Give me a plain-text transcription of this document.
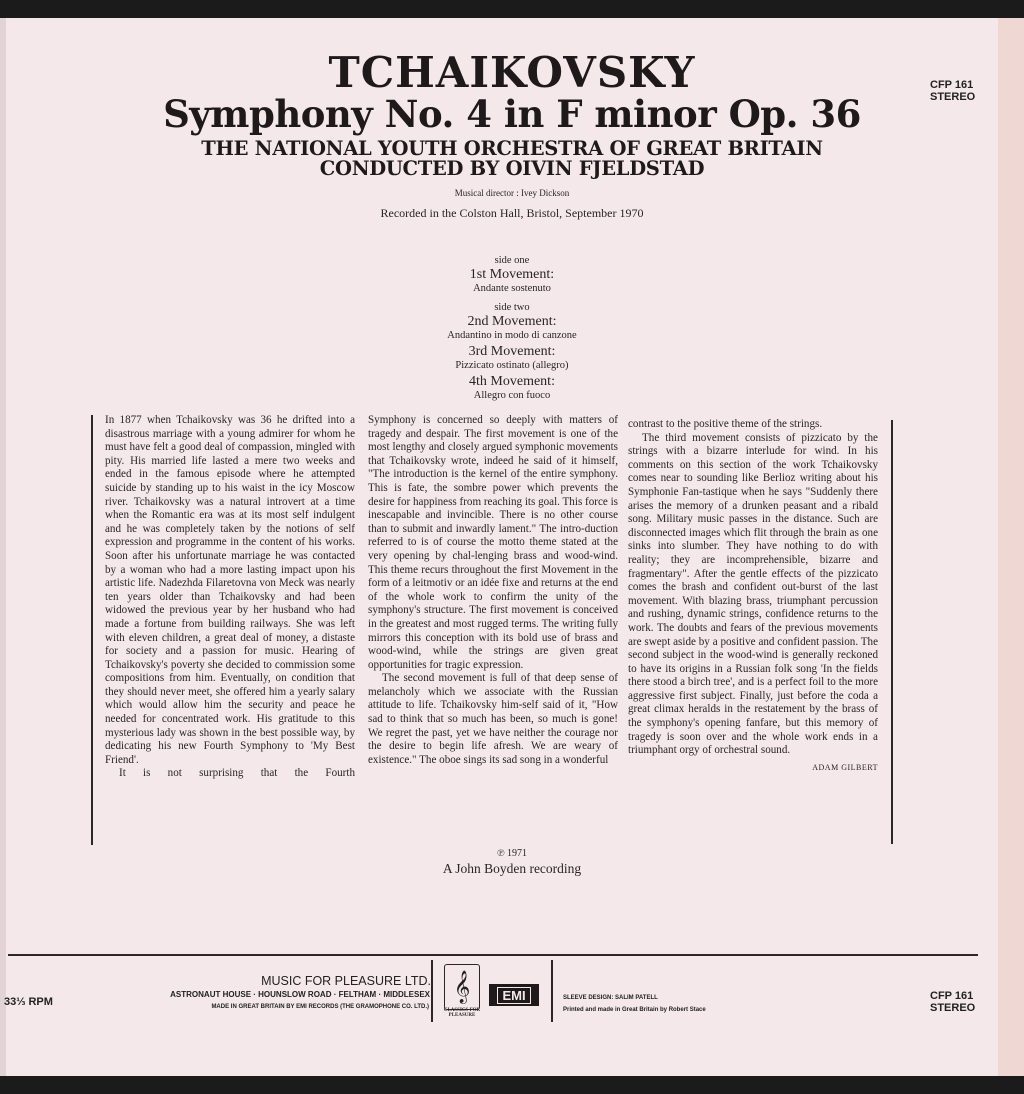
TCHAIKOVSKY
Symphony No. 4 in F minor Op. 36
THE NATIONAL YOUTH ORCHESTRA OF GREAT BRITAIN
CONDUCTED BY OIVIN FJELDSTAD
Musical director : Ivey Dickson
Recorded in the Colston Hall, Bristol, September 1970
CFP 161
STEREO
side one
1st Movement:
Andante sostenuto
side two
2nd Movement:
Andantino in modo di canzone
3rd Movement:
Pizzicato ostinato (allegro)
4th Movement:
Allegro con fuoco

In 1877 when Tchaikovsky was 36 he drifted into a disastrous marriage with a young admirer for whom he must have felt a good deal of compassion, mingled with pity. His married life lasted a mere two weeks and ended in the famous episode where he attempted suicide by standing up to his waist in the icy Moscow river. Tchaikovsky was a natural introvert at a time when the Romantic era was at its most self indulgent and he was completely taken by the notions of self expression and programme in the content of his works. Soon after his unfortunate marriage he was contacted by a woman who had a more lasting impact upon his artistic life. Nadezhda Filaretovna von Meck was nearly ten years older than Tchaikovsky and had been widowed the previous year by her husband who had made a fortune from building railways. She was left with eleven children, a great deal of money, a distaste for society and a passion for music. Hearing of Tchaikovsky's poverty she decided to commission some compositions from him. Eventually, on condition that they should never meet, she offered him a yearly salary which would allow him the security and peace he needed for concentrated work. His gratitude to this mysterious lady was shown in the best possible way, by dedicating his new Fourth Symphony to 'My Best Friend'.

It is not surprising that the Fourth

Symphony is concerned so deeply with matters of tragedy and despair. The first movement is one of the most lengthy and closely argued symphonic movements that Tchaikovsky wrote, indeed he said of it himself, "The introduction is the kernel of the entire symphony. This is fate, the sombre power which prevents the desire for happiness from reaching its goal. This force is inescapable and invincible. There is no other course than to submit and inwardly lament." The intro-duction referred to is of course the motto theme stated at the very opening by chal-lenging brass and wood-wind. This theme recurs throughout the first Movement in the form of a leitmotiv or an idée fixe and returns at the end of the whole work to confirm the unity of the symphony's structure. The first movement is conceived in the greatest and most rugged terms. The writing fully mirrors this conception with its bold use of brass and wood-wind, while the strings are given great opportunities for tragic expression.

The second movement is full of that deep sense of melancholy which we associate with the Russian attitude to life. Tchaikovsky him-self said of it, "How sad to think that so much has been, so much is gone! We regret the past, yet we have neither the courage nor the desire to begin life afresh. We are weary of existence." The oboe sings its sad song in a wonderful

contrast to the positive theme of the strings.

The third movement consists of pizzicato by the strings with a bizarre interlude for wind. In his comments on this section of the work Tchaikovsky comes near to sounding like Berlioz writing about his Symphonie Fan-tastique when he says "Suddenly there arises the memory of a drunken peasant and a ribald song. Military music passes in the distance. Such are disconnected images which flit through the brain as one sinks into slumber. They have nothing to do with reality; they are incomprehensible, bizarre and fragmentary". After the gentle effects of the pizzicato comes the brash and confident out-burst of the last movement. With blazing brass, triumphant percussion and rushing, dynamic strings, confidence returns to the work. The doubts and fears of the previous movements are swept aside by a positive and confident passion. The second subject in the wood-wind is generally reckoned to have its origins in a Russian folk song 'In the fields there stood a birch tree', and is a perfect foil to the more aggressive first subject. Finally, just before the coda a great climax heralds in the restatement by the brass of the symphony's opening fanfare, but this memory of tragedy is soon over and the whole work ends in a triumphant orgy of orchestral sound.

ADAM GILBERT
℗ 1971
A John Boyden recording
33⅓ RPM
MUSIC FOR PLEASURE LTD.
ASTRONAUT HOUSE · HOUNSLOW ROAD · FELTHAM · MIDDLESEX
MADE IN GREAT BRITAIN BY EMI RECORDS (THE GRAMOPHONE CO. LTD.)
𝄞
CLASSICS FOR PLEASURE
EMI	SLEEVE DESIGN: SALIM PATELL
Printed and made in Great Britain by Robert Stace
CFP 161
STEREO
